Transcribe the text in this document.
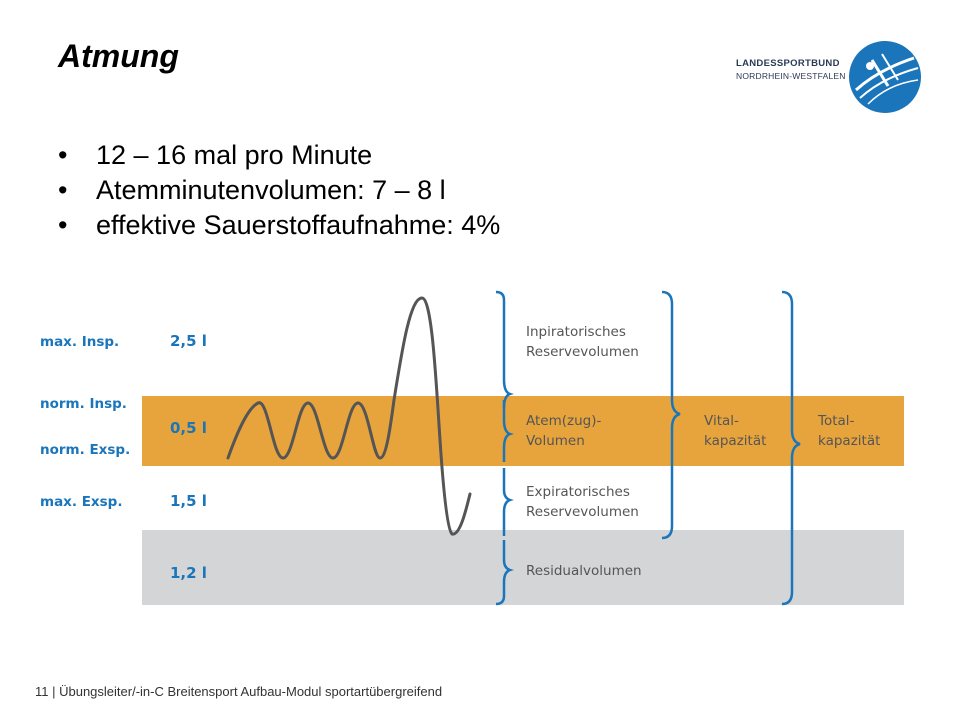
Atmung	LANDESSPORTBUND
NORDRHEIN-WESTFALEN
• 12 – 16 mal pro Minute
• Atemminutenvolumen: 7 – 8 l
• effektive Sauerstoffaufnahme: 4%
max. Insp.
norm. Insp.
norm. Exsp.
max. Exsp.
2,5 l
0,5 l
1,5 l
1,2 l
Inpiratorisches
Reservevolumen
Atem(zug)-
Volumen
Expiratorisches
Reservevolumen
Residualvolumen
Vital-
kapazität
Total-
kapazität
11 | Übungsleiter/-in-C Breitensport Aufbau-Modul sportartübergreifend
